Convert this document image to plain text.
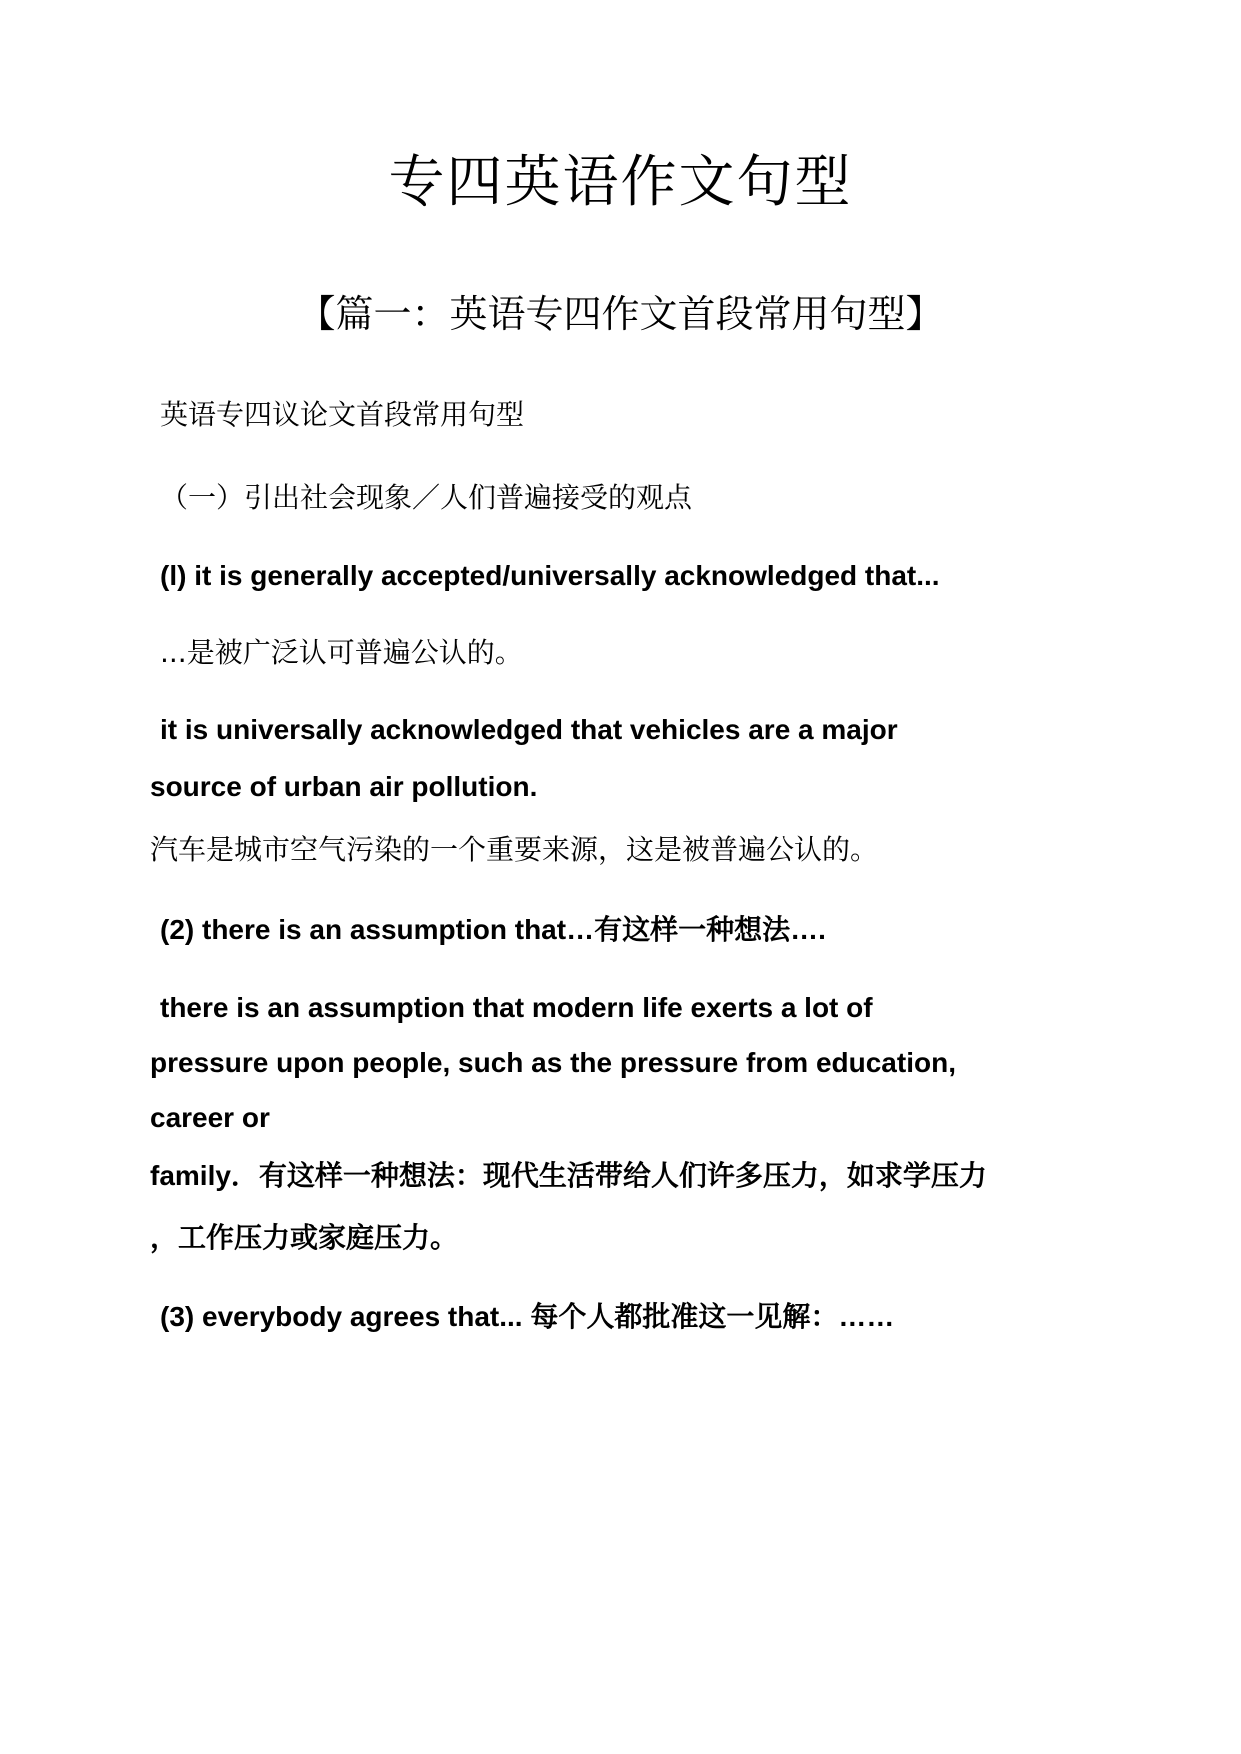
专四英语作文句型
【篇一：英语专四作文首段常用句型】
英语专四议论文首段常用句型
（一）引出社会现象／人们普遍接受的观点
(l) it is generally accepted/universally acknowledged that...
...是被广泛认可普遍公认的。
it is universally acknowledged that vehicles are a major
source of urban air pollution.
汽车是城市空气污染的一个重要来源，这是被普遍公认的。
(2) there is an assumption that…有这样一种想法….
there is an assumption that modern life exerts a lot of
pressure upon people, such as the pressure from education,
career or
family．有这样一种想法：现代生活带给人们许多压力，如求学压力
，工作压力或家庭压力。
(3) everybody agrees that... 每个人都批准这一见解：……
